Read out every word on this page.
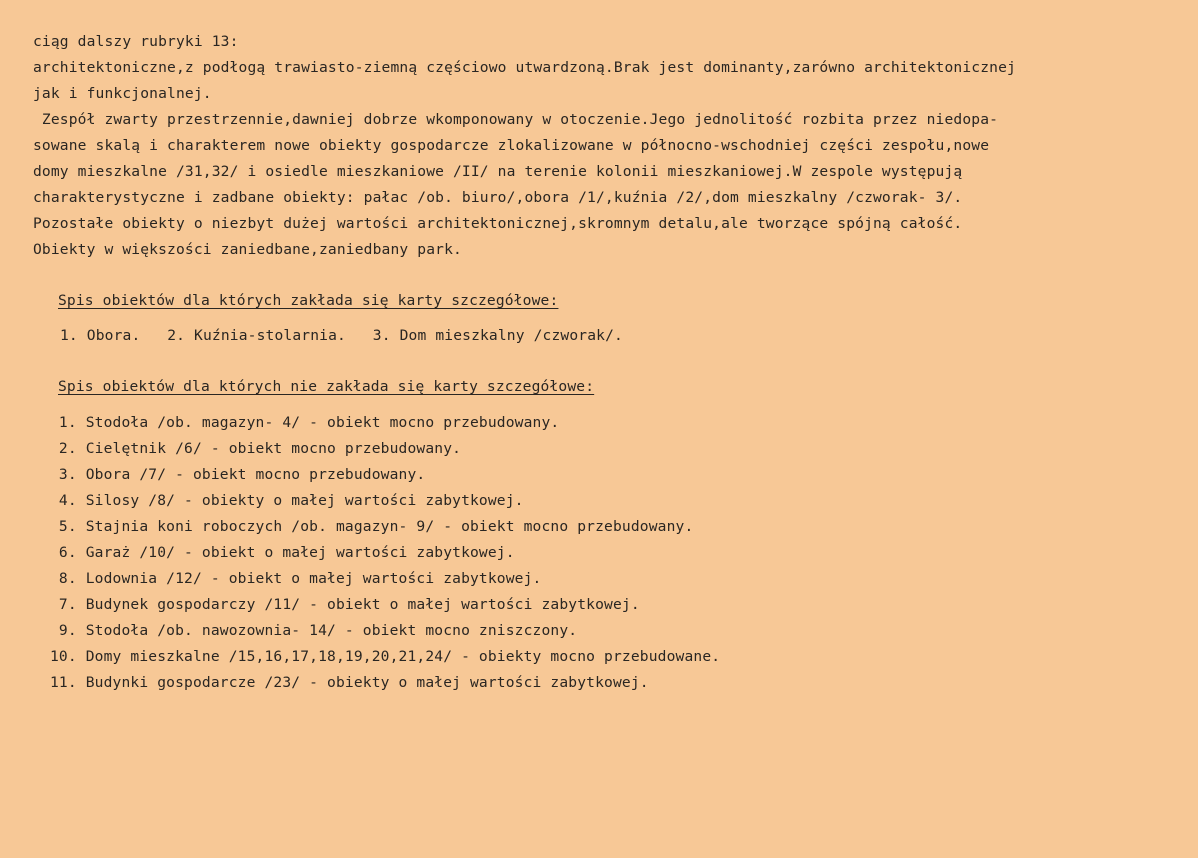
ciąg dalszy rubryki 13:
architektoniczne,z podłogą trawiasto-ziemną częściowo utwardzoną.Brak jest dominanty,zarówno architektonicznej
jak i funkcjonalnej.
Zespół zwarty przestrzennie,dawniej dobrze wkomponowany w otoczenie.Jego jednolitość rozbita przez niedopa-
sowane skalą i charakterem nowe obiekty gospodarcze zlokalizowane w północno-wschodniej części zespołu,nowe
domy mieszkalne /31,32/ i osiedle mieszkaniowe /II/ na terenie kolonii mieszkaniowej.W zespole występują
charakterystyczne i zadbane obiekty: pałac /ob. biuro/,obora /1/,kuźnia /2/,dom mieszkalny /czworak- 3/.
Pozostałe obiekty o niezbyt dużej wartości architektonicznej,skromnym detalu,ale tworzące spójną całość.
Obiekty w większości zaniedbane,zaniedbany park.
Spis obiektów dla których zakłada się karty szczegółowe:
1. Obora.   2. Kuźnia-stolarnia.   3. Dom mieszkalny /czworak/.
Spis obiektów dla których nie zakłada się karty szczegółowe:
1. Stodoła /ob. magazyn- 4/ - obiekt mocno przebudowany.
2. Cielętnik /6/ - obiekt mocno przebudowany.
3. Obora /7/ - obiekt mocno przebudowany.
4. Silosy /8/ - obiekty o małej wartości zabytkowej.
5. Stajnia koni roboczych /ob. magazyn- 9/ - obiekt mocno przebudowany.
6. Garaż /10/ - obiekt o małej wartości zabytkowej.
8. Lodownia /12/ - obiekt o małej wartości zabytkowej.
7. Budynek gospodarczy /11/ - obiekt o małej wartości zabytkowej.
9. Stodoła /ob. nawozownia- 14/ - obiekt mocno zniszczony.
10. Domy mieszkalne /15,16,17,18,19,20,21,24/ - obiekty mocno przebudowane.
11. Budynki gospodarcze /23/ - obiekty o małej wartości zabytkowej.
